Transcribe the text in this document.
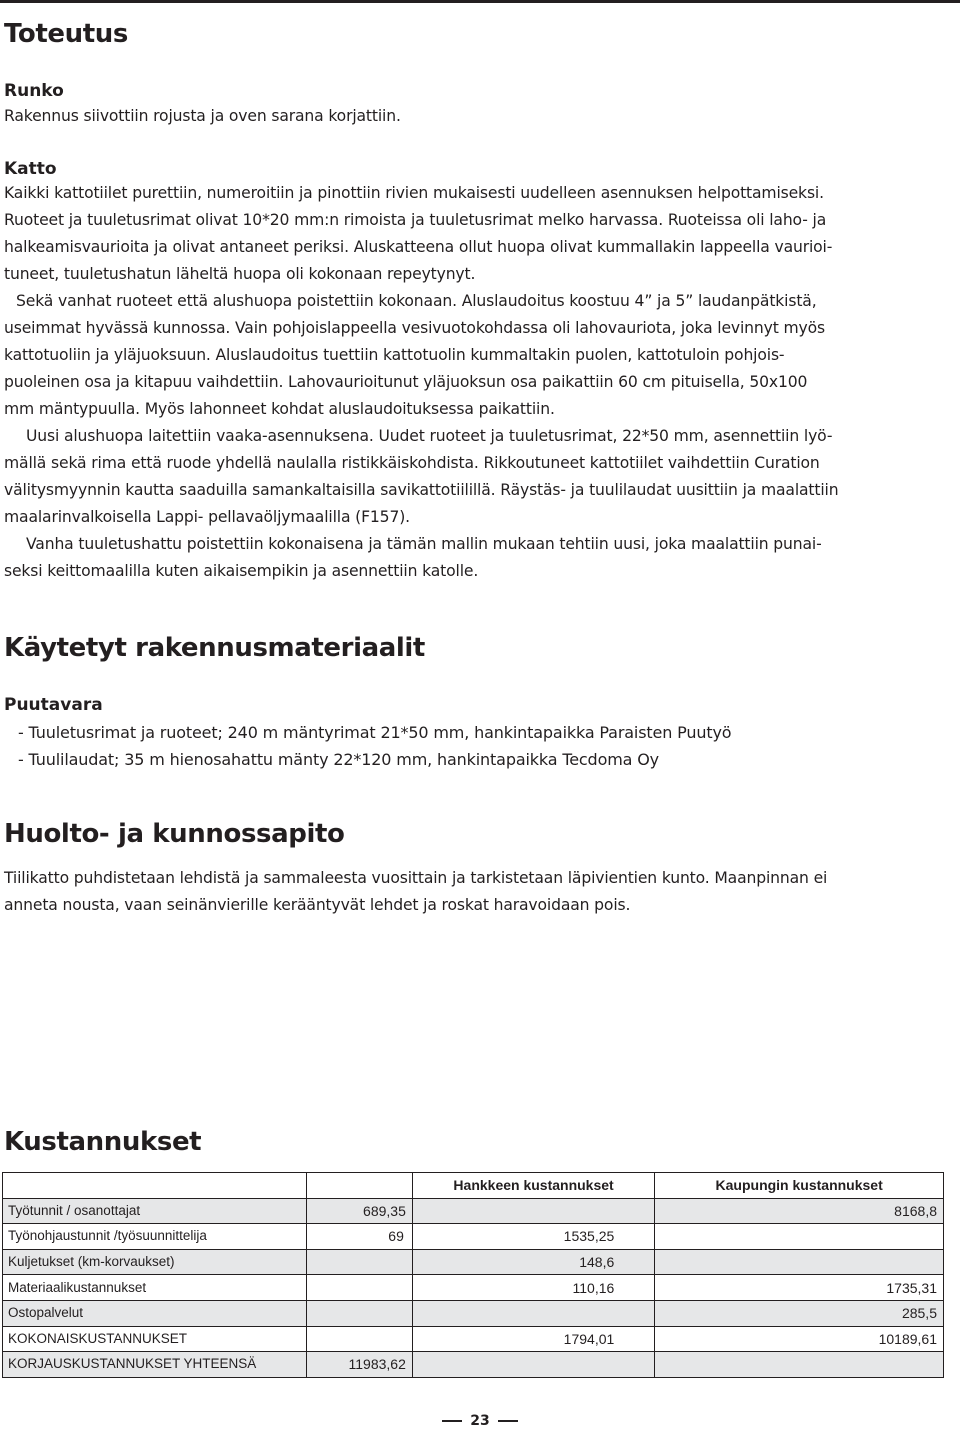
Toteutus
Runko

Rakennus siivottiin rojusta ja oven sarana korjattiin.

Katto
Kaikki kattotiilet purettiin, numeroitiin ja pinottiin rivien mukaisesti uudelleen asennuksen helpottamiseksi.
Ruoteet ja tuuletusrimat olivat 10*20 mm:n rimoista ja tuuletusrimat melko harvassa. Ruoteissa oli laho- ja
halkeamisvaurioita ja olivat antaneet periksi. Aluskatteena ollut huopa olivat kummallakin lappeella vaurioi-
tuneet, tuuletushatun läheltä huopa oli kokonaan repeytynyt.
Sekä vanhat ruoteet että alushuopa poistettiin kokonaan. Aluslaudoitus koostuu 4” ja 5” laudanpätkistä,
useimmat hyvässä kunnossa. Vain pohjoislappeella vesivuotokohdassa oli lahovauriota, joka levinnyt myös
kattotuoliin ja yläjuoksuun. Aluslaudoitus tuettiin kattotuolin kummaltakin puolen, kattotuloin pohjois-
puoleinen osa ja kitapuu vaihdettiin. Lahovaurioitunut yläjuoksun osa paikattiin 60 cm pituisella, 50x100
mm mäntypuulla. Myös lahonneet kohdat aluslaudoituksessa paikattiin.
Uusi alushuopa laitettiin vaaka-asennuksena. Uudet ruoteet ja tuuletusrimat, 22*50 mm, asennettiin lyö-
mällä sekä rima että ruode yhdellä naulalla ristikkäiskohdista. Rikkoutuneet kattotiilet vaihdettiin Curation
välitysmyynnin kautta saaduilla samankaltaisilla savikattotiilillä. Räystäs- ja tuulilaudat uusittiin ja maalattiin
maalarinvalkoisella Lappi- pellavaöljymaalilla (F157).
Vanha tuuletushattu poistettiin kokonaisena ja tämän mallin mukaan tehtiin uusi, joka maalattiin punai-
seksi keittomaalilla kuten aikaisempikin ja asennettiin katolle.
Käytetyt rakennusmateriaalit
Puutavara
- Tuuletusrimat ja ruoteet; 240 m mäntyrimat 21*50 mm, hankintapaikka Paraisten Puutyö
- Tuulilaudat; 35 m hienosahattu mänty 22*120 mm, hankintapaikka Tecdoma Oy
Huolto- ja kunnossapito
Tiilikatto puhdistetaan lehdistä ja sammaleesta vuosittain ja tarkistetaan läpivientien kunto. Maanpinnan ei
anneta nousta, vaan seinänvierille kerääntyvät lehdet ja roskat haravoidaan pois.
Kustannukset
		Hankkeen kustannukset	Kaupungin kustannukset
Työtunnit / osanottajat	689,35		8168,8
Työnohjaustunnit /työsuunnittelija	69	1535,25	
Kuljetukset (km-korvaukset)		148,6	
Materiaalikustannukset		110,16	1735,31
Ostopalvelut			285,5
KOKONAISKUSTANNUKSET		1794,01	10189,61
KORJAUSKUSTANNUKSET YHTEENSÄ	11983,62		
23
